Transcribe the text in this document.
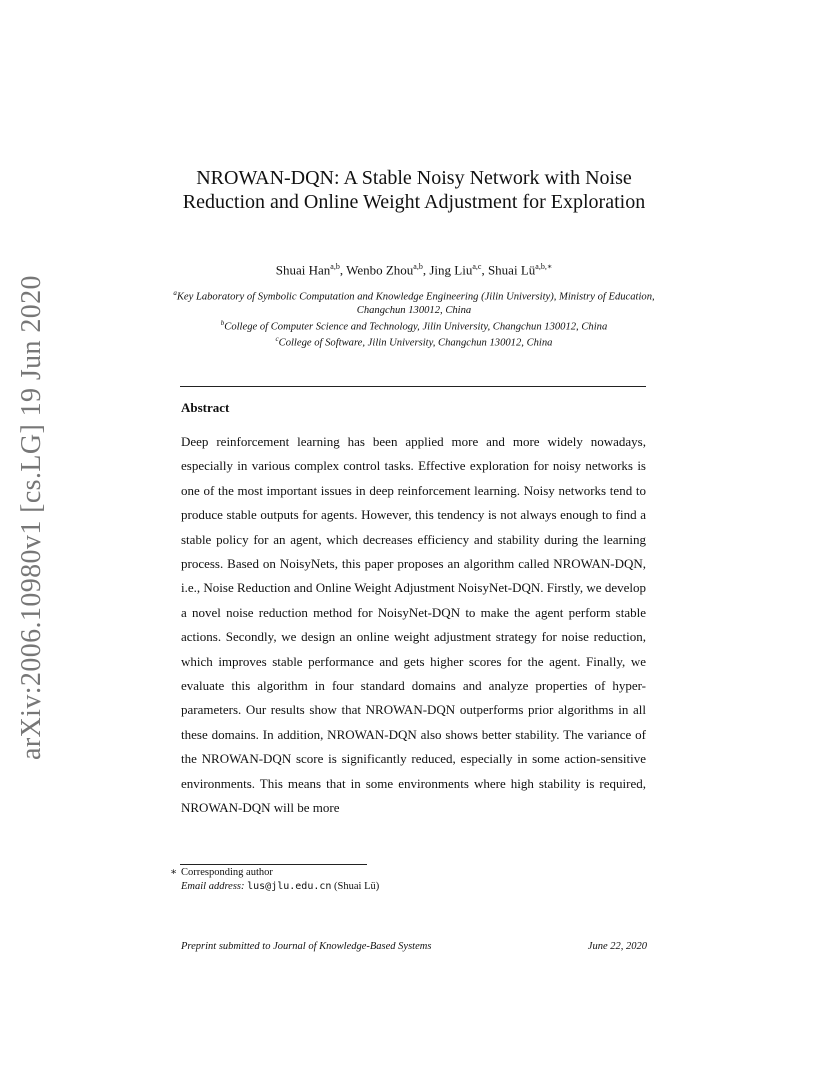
arXiv:2006.10980v1 [cs.LG] 19 Jun 2020
NROWAN-DQN: A Stable Noisy Network with Noise Reduction and Online Weight Adjustment for Exploration
Shuai Han$^{a,b}$, Wenbo Zhou$^{a,b}$, Jing Liu$^{a,c}$, Shuai $Lü^{a,b,∗}$
$^a$Key Laboratory of Symbolic Computation and Knowledge Engineering (Jilin University), Ministry of Education, Changchun 130012, China
$^b$College of Computer Science and Technology, Jilin University, Changchun 130012, China
$^c$College of Software, Jilin University, Changchun 130012, China
Abstract
Deep reinforcement learning has been applied more and more widely nowadays, especially in various complex control tasks. Effective exploration for noisy networks is one of the most important issues in deep reinforcement learning. Noisy networks tend to produce stable outputs for agents. However, this tendency is not always enough to find a stable policy for an agent, which decreases efficiency and stability during the learning process. Based on NoisyNets, this paper proposes an algorithm called NROWAN-DQN, i.e., Noise Reduction and Online Weight Adjustment NoisyNet-DQN. Firstly, we develop a novel noise reduction method for NoisyNet-DQN to make the agent perform stable actions. Secondly, we design an online weight adjustment strategy for noise reduction, which improves stable performance and gets higher scores for the agent. Finally, we evaluate this algorithm in four standard domains and analyze properties of hyper-parameters. Our results show that NROWAN-DQN outperforms prior algorithms in all these domains. In addition, NROWAN-DQN also shows better stability. The variance of the NROWAN-DQN score is significantly reduced, especially in some action-sensitive environments. This means that in some environments where high stability is required, NROWAN-DQN will be more
∗ Corresponding author
Email address: lus@jlu.edu.cn (Shuai Lü)
Preprint submitted to Journal of Knowledge-Based Systems	June 22, 2020
